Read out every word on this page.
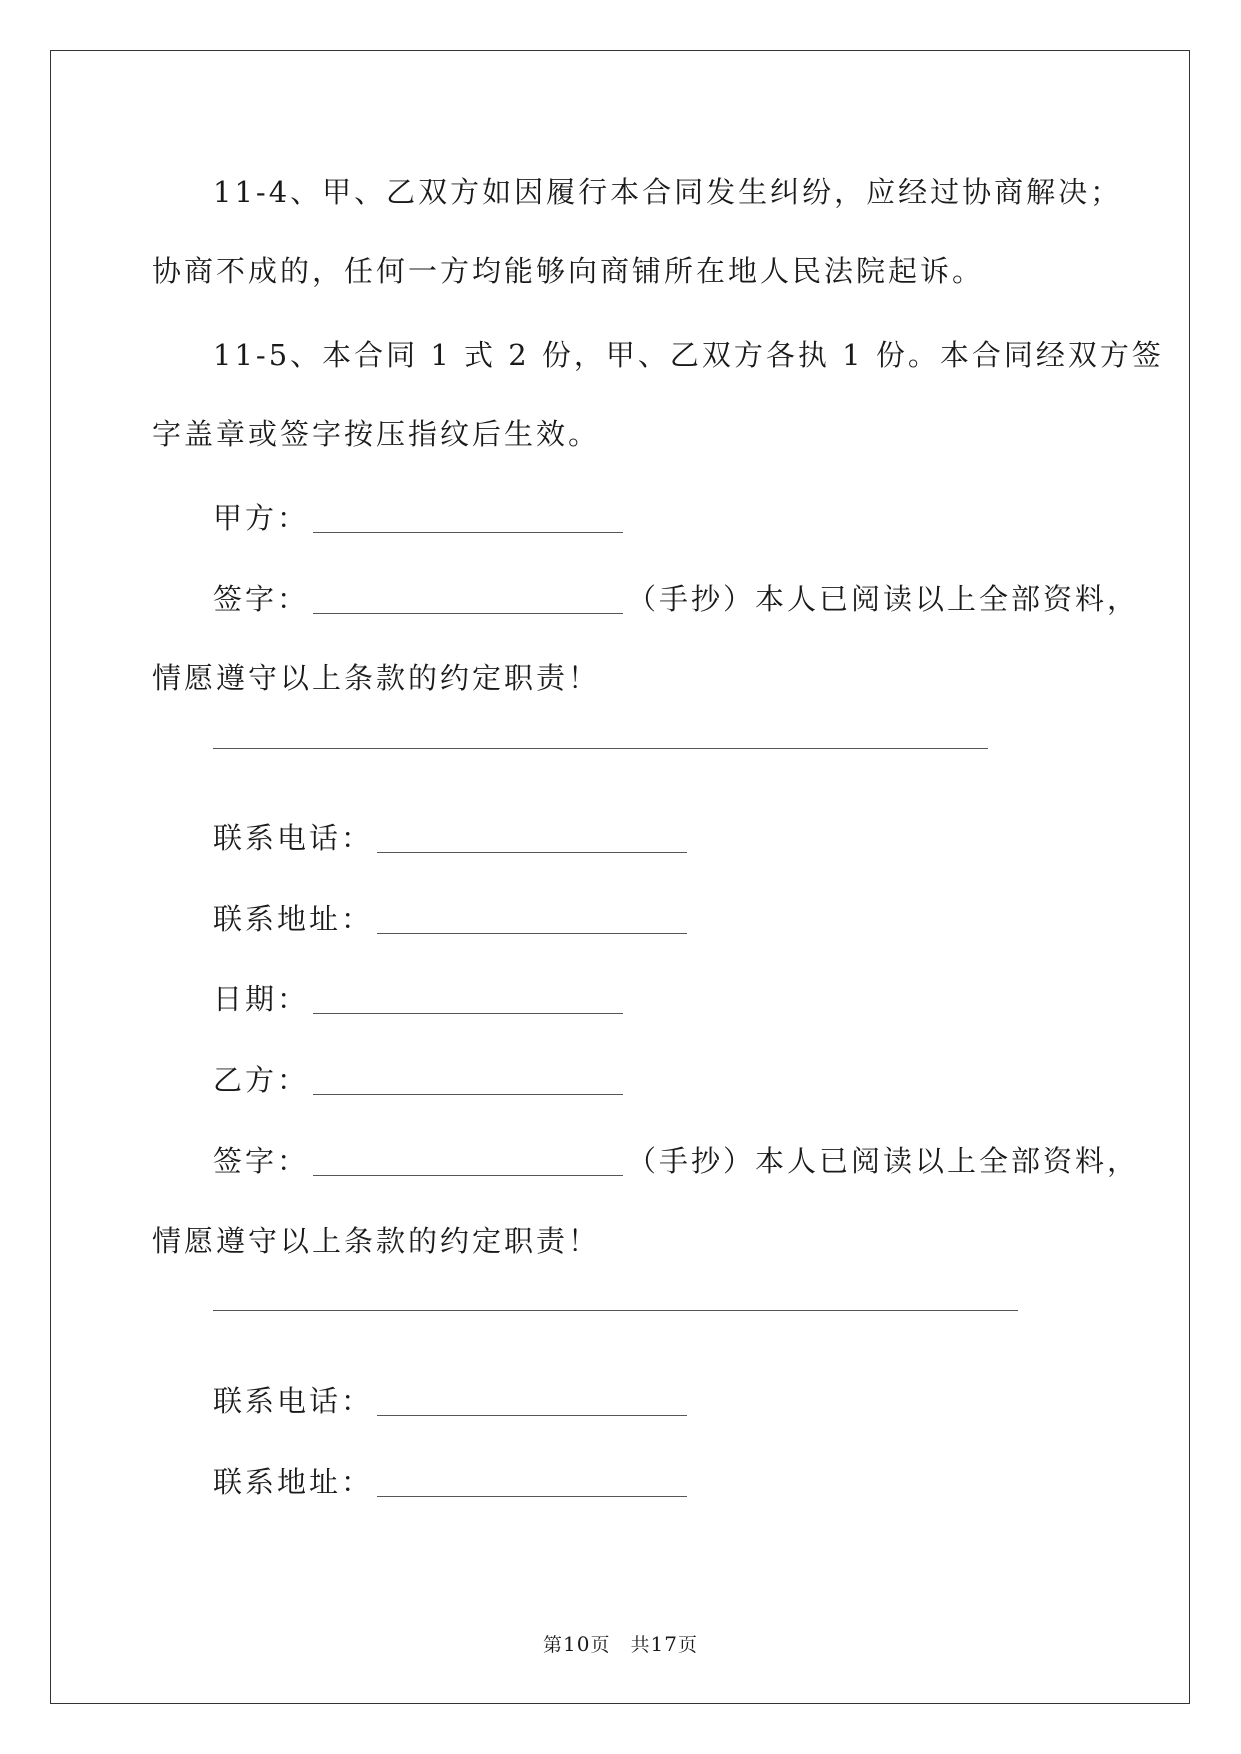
11-4、甲、乙双方如因履行本合同发生纠纷，应经过协商解决；
协商不成的，任何一方均能够向商铺所在地人民法院起诉。
11-5、本合同 1 式 2 份，甲、乙双方各执 1 份。本合同经双方签
字盖章或签字按压指纹后生效。
甲方：
签字：	（手抄）本人已阅读以上全部资料，
情愿遵守以上条款的约定职责！
联系电话：
联系地址：
日期：
乙方：
签字：	（手抄）本人已阅读以上全部资料，
情愿遵守以上条款的约定职责！
联系电话：
联系地址：
第10页　 共17页
